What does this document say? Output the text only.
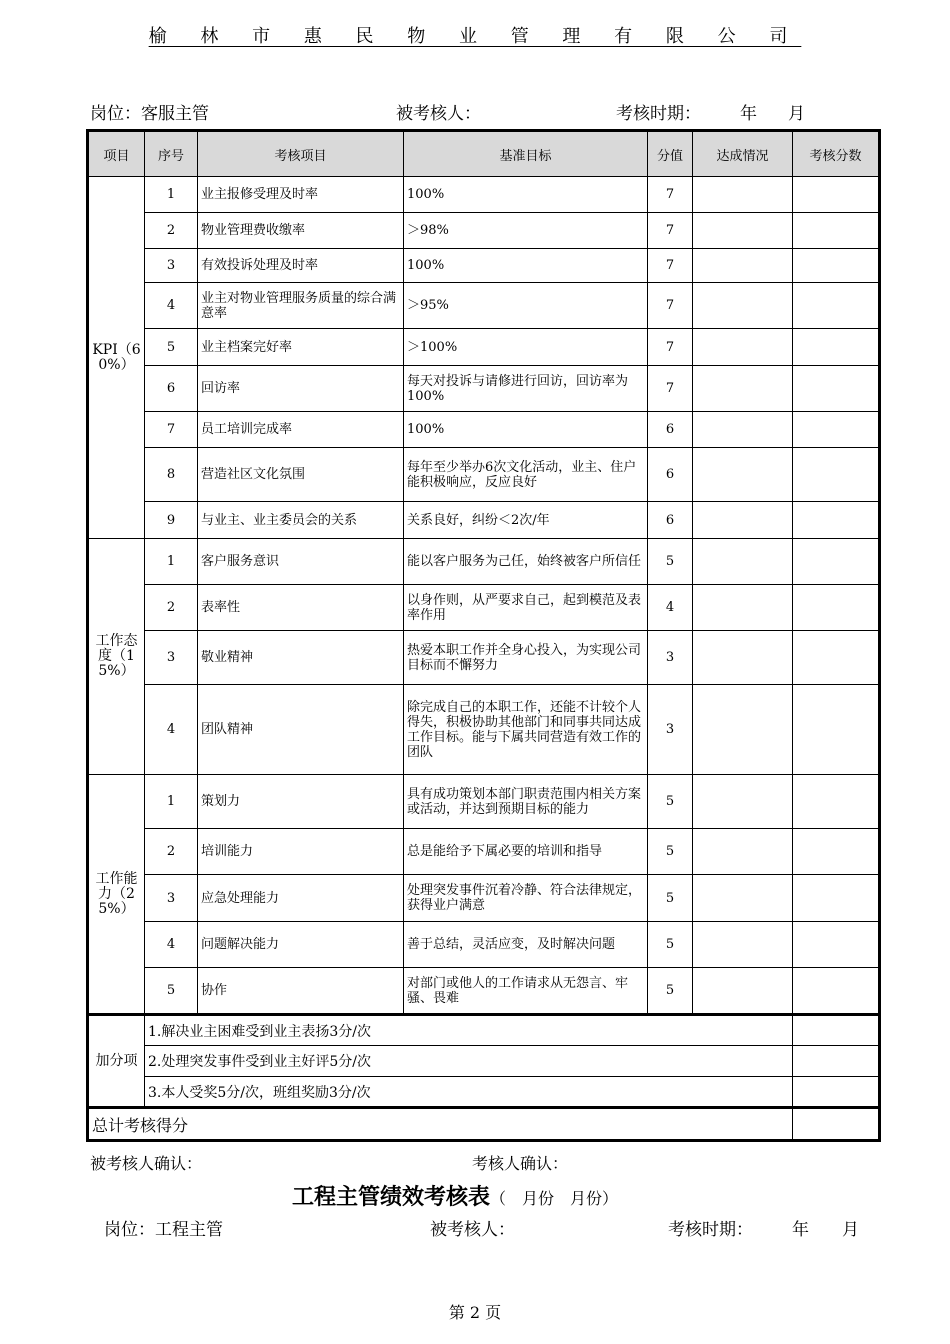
榆 林 市 惠 民 物 业 管 理 有 限 公 司
岗位：客服主管	被考核人：	考核时期： 年 月
项目	序号	考核项目	基准目标	分值	达成情况	考核分数
KPI（60%）	1	业主报修受理及时率	100%	7		

	2	物业管理费收缴率	＞98%	7		

	3	有效投诉处理及时率	100%	7		

	4	业主对物业管理服务质量的综合满意率	＞95%	7		

	5	业主档案完好率	＞100%	7		

	6	回访率	每天对投诉与请修进行回访，回访率为100%	7		

	7	员工培训完成率	100%	6		

	8	营造社区文化氛围	每年至少举办6次文化活动，业主、住户能积极响应，反应良好	6		

	9	与业主、业主委员会的关系	关系良好，纠纷＜2次/年	6		

工作态度（15%）	1	客户服务意识	能以客户服务为己任，始终被客户所信任	5		

	2	表率性	以身作则，从严要求自己，起到模范及表率作用	4		

	3	敬业精神	热爱本职工作并全身心投入，为实现公司目标而不懈努力	3		

	4	团队精神	除完成自己的本职工作，还能不计较个人得失，积极协助其他部门和同事共同达成工作目标。能与下属共同营造有效工作的团队	3		

工作能力（25%）	1	策划力	具有成功策划本部门职责范围内相关方案或活动，并达到预期目标的能力	5		

	2	培训能力	总是能给予下属必要的培训和指导	5		

	3	应急处理能力	处理突发事件沉着冷静、符合法律规定，获得业户满意	5		

	4	问题解决能力	善于总结，灵活应变，及时解决问题	5		

	5	协作	对部门或他人的工作请求从无怨言、牢骚、畏难	5		

加分项	1.解决业主困难受到业主表扬3分/次					
	2.处理突发事件受到业主好评5分/次					
	3.本人受奖5分/次，班组奖励3分/次					
总计考核得分						
被考核人确认：	考核人确认：
工程主管绩效考核表（　月份　月份）
岗位：工程主管	被考核人：	考核时期： 年 月
第 2 页
